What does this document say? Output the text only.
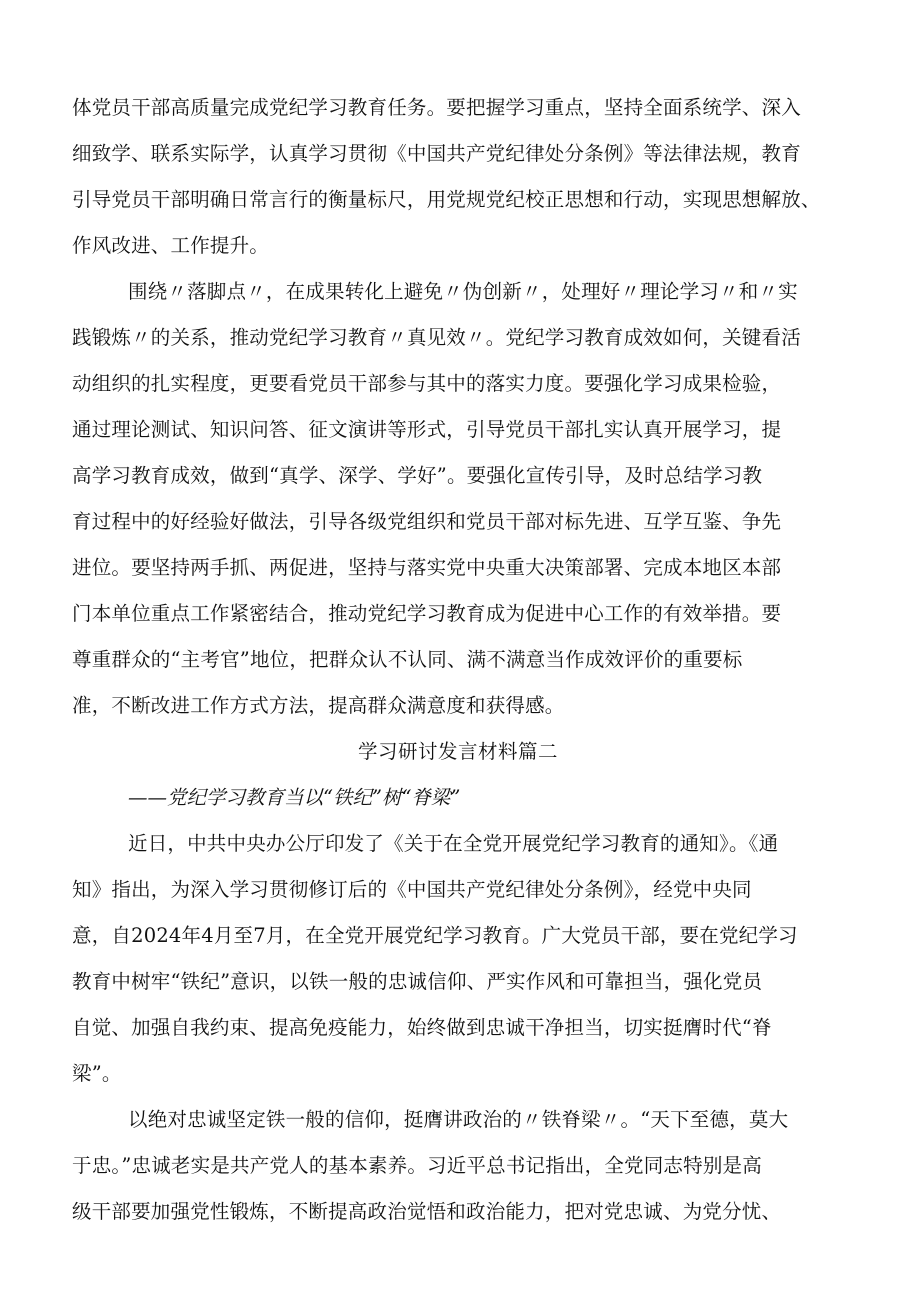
体党员干部高质量完成党纪学习教育任务。要把握学习重点，坚持全面系统学、深入
细致学、联系实际学，认真学习贯彻《中国共产党纪律处分条例》等法律法规，教育
引导党员干部明确日常言行的衡量标尺，用党规党纪校正思想和行动，实现思想解放、
作风改进、工作提升。
围绕〃落脚点〃，在成果转化上避免〃伪创新〃，处理好〃理论学习〃和〃实
践锻炼〃的关系，推动党纪学习教育〃真见效〃。党纪学习教育成效如何，关键看活
动组织的扎实程度，更要看党员干部参与其中的落实力度。要强化学习成果检验，
通过理论测试、知识问答、征文演讲等形式，引导党员干部扎实认真开展学习，提
高学习教育成效，做到“真学、深学、学好”。要强化宣传引导，及时总结学习教
育过程中的好经验好做法，引导各级党组织和党员干部对标先进、互学互鉴、争先
进位。要坚持两手抓、两促进，坚持与落实党中央重大决策部署、完成本地区本部
门本单位重点工作紧密结合，推动党纪学习教育成为促进中心工作的有效举措。要
尊重群众的“主考官”地位，把群众认不认同、满不满意当作成效评价的重要标
准，不断改进工作方式方法，提高群众满意度和获得感。
学习研讨发言材料篇二
——党纪学习教育当以“铁纪”树“脊梁”
近日，中共中央办公厅印发了《关于在全党开展党纪学习教育的通知》。《通
知》指出，为深入学习贯彻修订后的《中国共产党纪律处分条例》，经党中央同
意，自2024年4月至7月，在全党开展党纪学习教育。广大党员干部，要在党纪学习
教育中树牢“铁纪”意识，以铁一般的忠诚信仰、严实作风和可靠担当，强化党员
自觉、加强自我约束、提高免疫能力，始终做到忠诚干净担当，切实挺膺时代“脊
梁”。
以绝对忠诚坚定铁一般的信仰，挺膺讲政治的〃铁脊梁〃。“天下至德，莫大
于忠。”忠诚老实是共产党人的基本素养。习近平总书记指出，全党同志特别是高
级干部要加强党性锻炼，不断提高政治觉悟和政治能力，把对党忠诚、为党分忧、
